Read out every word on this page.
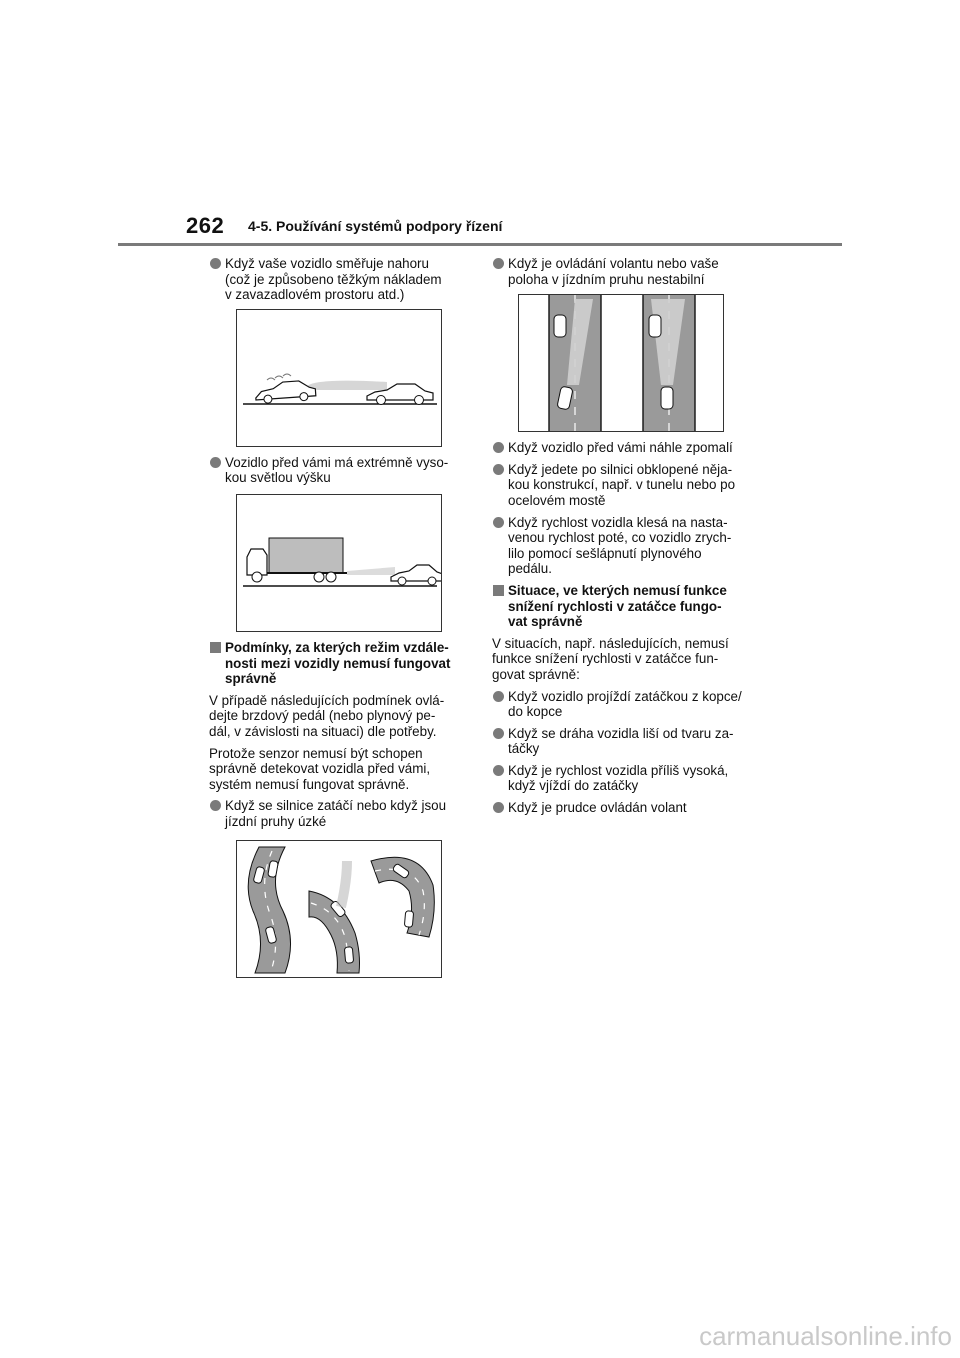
262 4-5. Používání systémů podpory řízení
Když vaše vozidlo směřuje nahoru
(což je způsobeno těžkým nákladem
v zavazadlovém prostoru atd.)
Vozidlo před vámi má extrémně vyso-
kou světlou výšku
Podmínky, za kterých režim vzdále-
nosti mezi vozidly nemusí fungovat
správně

V případě následujících podmínek ovlá-
dejte brzdový pedál (nebo plynový pe-
dál, v závislosti na situaci) dle potřeby.

Protože senzor nemusí být schopen
správně detekovat vozidla před vámi,
systém nemusí fungovat správně.

Když se silnice zatáčí nebo když jsou
jízdní pruhy úzké
Když je ovládání volantu nebo vaše
poloha v jízdním pruhu nestabilní
Když vozidlo před vámi náhle zpomalí
Když jedete po silnici obklopené něja-
kou konstrukcí, např. v tunelu nebo po
ocelovém mostě
Když rychlost vozidla klesá na nasta-
venou rychlost poté, co vozidlo zrych-
lilo pomocí sešlápnutí plynového
pedálu.
Situace, ve kterých nemusí funkce
snížení rychlosti v zatáčce fungo-
vat správně

V situacích, např. následujících, nemusí
funkce snížení rychlosti v zatáčce fun-
govat správně:

Když vozidlo projíždí zatáčkou z kopce/
do kopce
Když se dráha vozidla liší od tvaru za-
táčky
Když je rychlost vozidla příliš vysoká,
když vjíždí do zatáčky
Když je prudce ovládán volant
carmanualsonline.info
